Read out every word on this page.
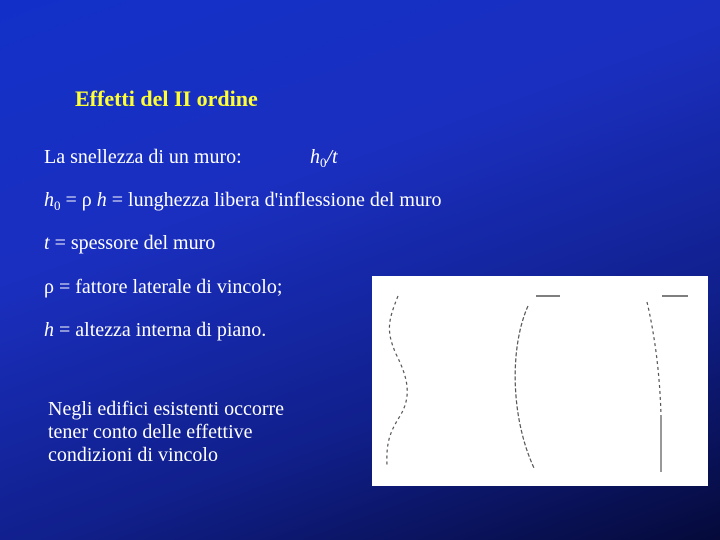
Effetti del II ordine
La snellezza di un muro:	$h_0/t$
$h_0 = \rho$ h = lunghezza libera d'inflessione del muro
t = spessore del muro
ρ = fattore laterale di vincolo;
h = altezza interna di piano.
Negli edifici esistenti occorre
tener conto delle effettive
condizioni di vincolo
